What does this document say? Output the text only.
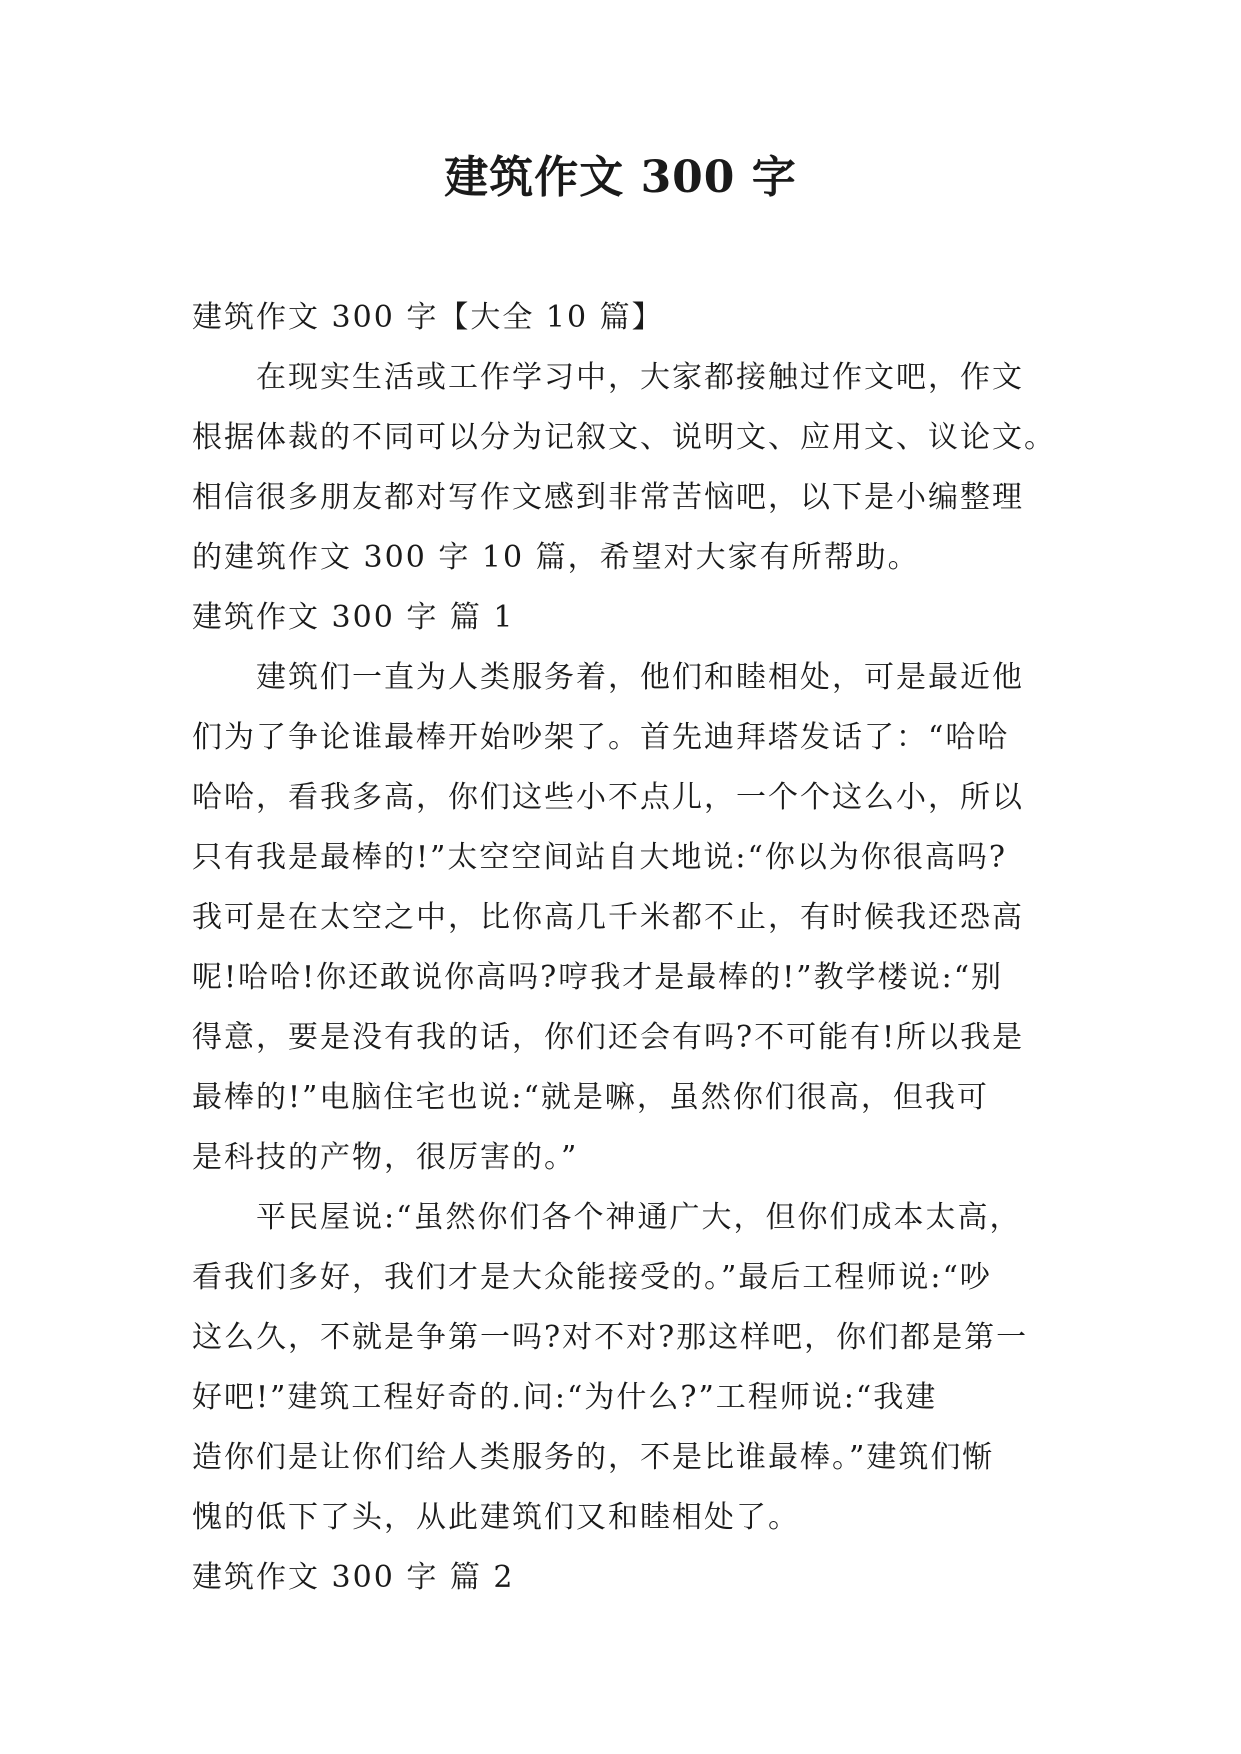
建筑作文 300 字

建筑作文 300 字【大全 10 篇】

在现实生活或工作学习中，大家都接触过作文吧，作文

根据体裁的不同可以分为记叙文、说明文、应用文、议论文。

相信很多朋友都对写作文感到非常苦恼吧，以下是小编整理

的建筑作文 300 字 10 篇，希望对大家有所帮助。

建筑作文 300 字 篇 1

建筑们一直为人类服务着，他们和睦相处，可是最近他

们为了争论谁最棒开始吵架了。首先迪拜塔发话了：“哈哈

哈哈，看我多高，你们这些小不点儿，一个个这么小，所以

只有我是最棒的!”太空空间站自大地说:“你以为你很高吗?

我可是在太空之中，比你高几千米都不止，有时候我还恐高

呢!哈哈!你还敢说你高吗?哼我才是最棒的!”教学楼说:“别

得意，要是没有我的话，你们还会有吗?不可能有!所以我是

最棒的!”电脑住宅也说:“就是嘛，虽然你们很高，但我可

是科技的产物，很厉害的。”

平民屋说:“虽然你们各个神通广大，但你们成本太高，

看我们多好，我们才是大众能接受的。”最后工程师说:“吵

这么久，不就是争第一吗?对不对?那这样吧，你们都是第一

好吧!”建筑工程好奇的.问:“为什么?”工程师说:“我建

造你们是让你们给人类服务的，不是比谁最棒。”建筑们惭

愧的低下了头，从此建筑们又和睦相处了。

建筑作文 300 字 篇 2
